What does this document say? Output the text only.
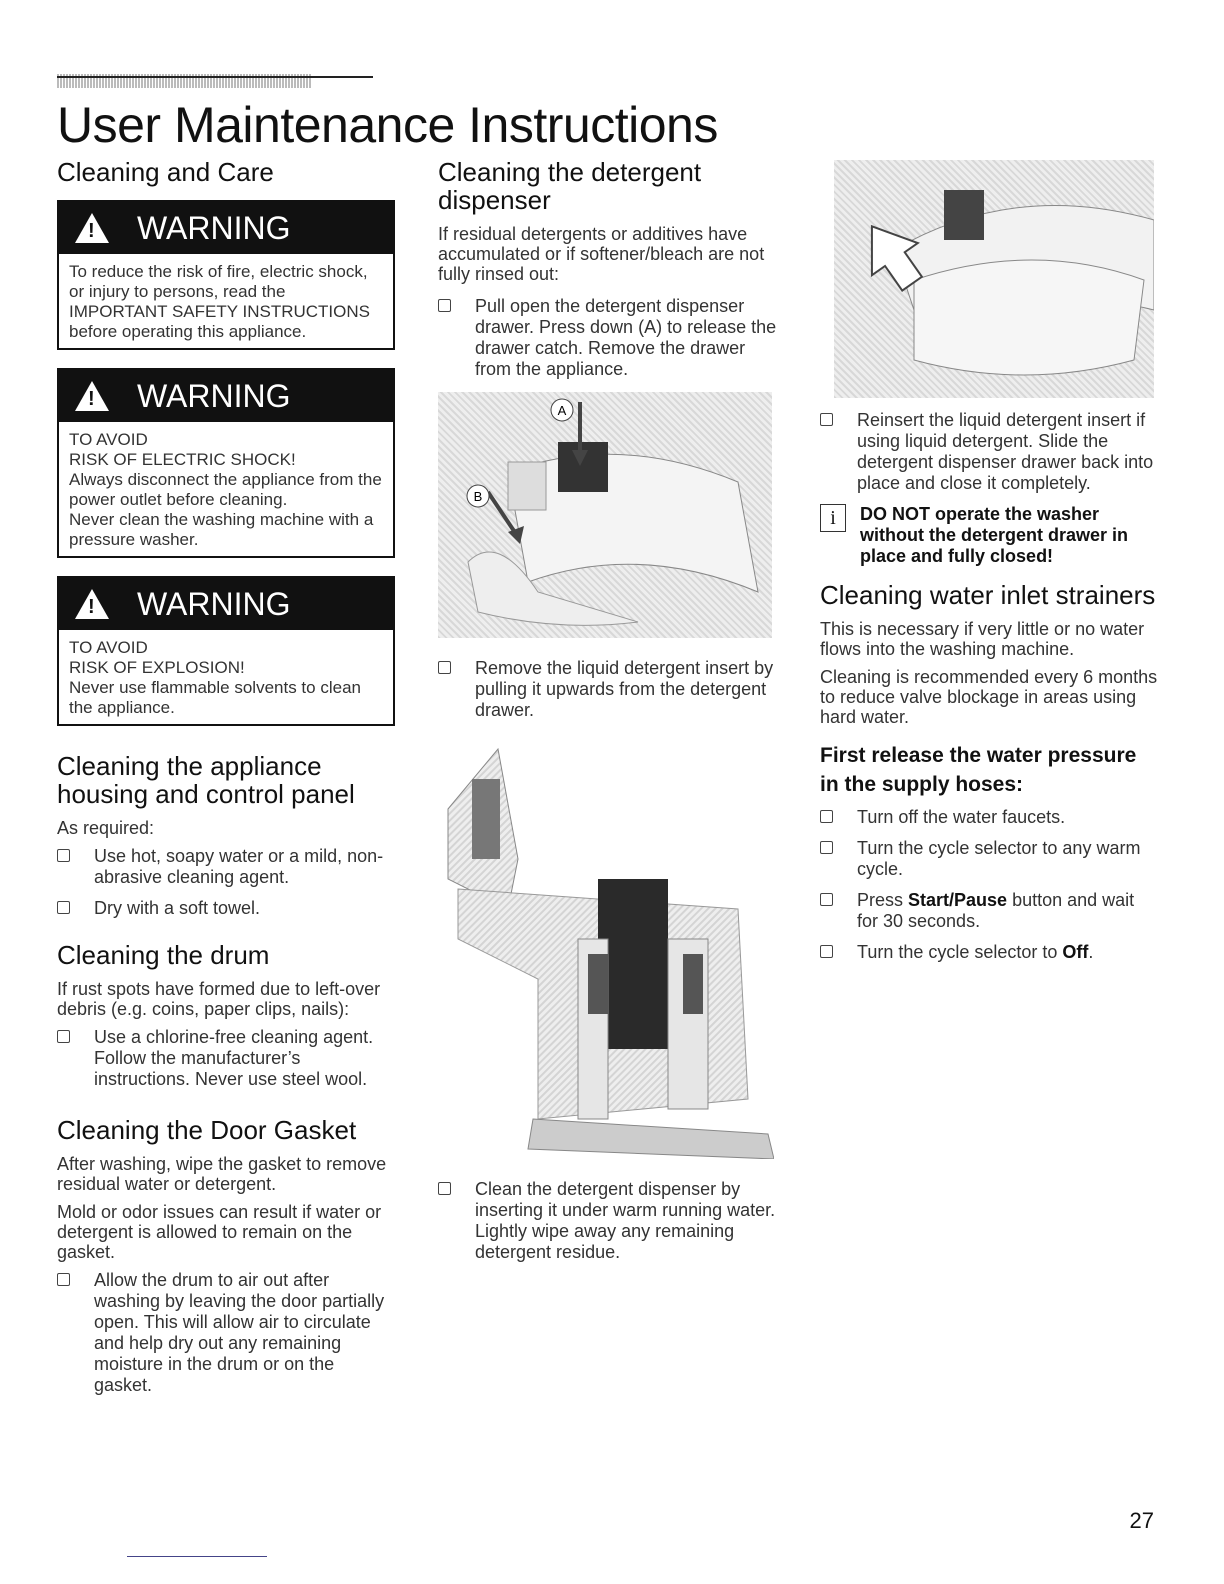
User Maintenance Instructions
Cleaning and Care
! WARNING
To reduce the risk of fire, electric shock, or injury to persons, read the IMPORTANT SAFETY INSTRUCTIONS before operating this appliance.
! WARNING
TO AVOID
RISK OF ELECTRIC SHOCK!
Always disconnect the appliance from the power outlet before cleaning.
Never clean the washing machine with a pressure washer.
! WARNING
TO AVOID
RISK OF EXPLOSION!
Never use flammable solvents to clean the appliance.
Cleaning the appliance housing and control panel

As required:

Use hot, soapy water or a mild, non-abrasive cleaning agent.
Dry with a soft towel.
Cleaning the drum

If rust spots have formed due to left-over debris (e.g. coins, paper clips, nails):

Use a chlorine-free cleaning agent. Follow the manufacturer’s instructions. Never use steel wool.
Cleaning the Door Gasket

After washing, wipe the gasket to remove residual water or detergent.

Mold or odor issues can result if water or detergent is allowed to remain on the gasket.

Allow the drum to air out after washing by leaving the door partially open. This will allow air to circulate and help dry out any remaining moisture in the drum or on the gasket.
Cleaning the detergent dispenser

If residual detergents or additives have accumulated or if softener/bleach are not fully rinsed out:

Pull open the detergent dispenser drawer. Press down (A) to release the drawer catch. Remove the drawer from the appliance.
A
B
Remove the liquid detergent insert by pulling it upwards from the detergent drawer.
Clean the detergent dispenser by inserting it under warm running water. Lightly wipe away any remaining detergent residue.
Reinsert the liquid detergent insert if using liquid detergent. Slide the detergent dispenser drawer back into place and close it completely.
i	DO NOT operate the washer without the detergent drawer in place and fully closed!
Cleaning water inlet strainers

This is necessary if very little or no water flows into the washing machine.

Cleaning is recommended every 6 months to reduce valve blockage in areas using hard water.

First release the water pressure in the supply hoses:
Turn off the water faucets.
Turn the cycle selector to any warm cycle.
Press Start/Pause button and wait for 30 seconds.
Turn the cycle selector to Off.
27
